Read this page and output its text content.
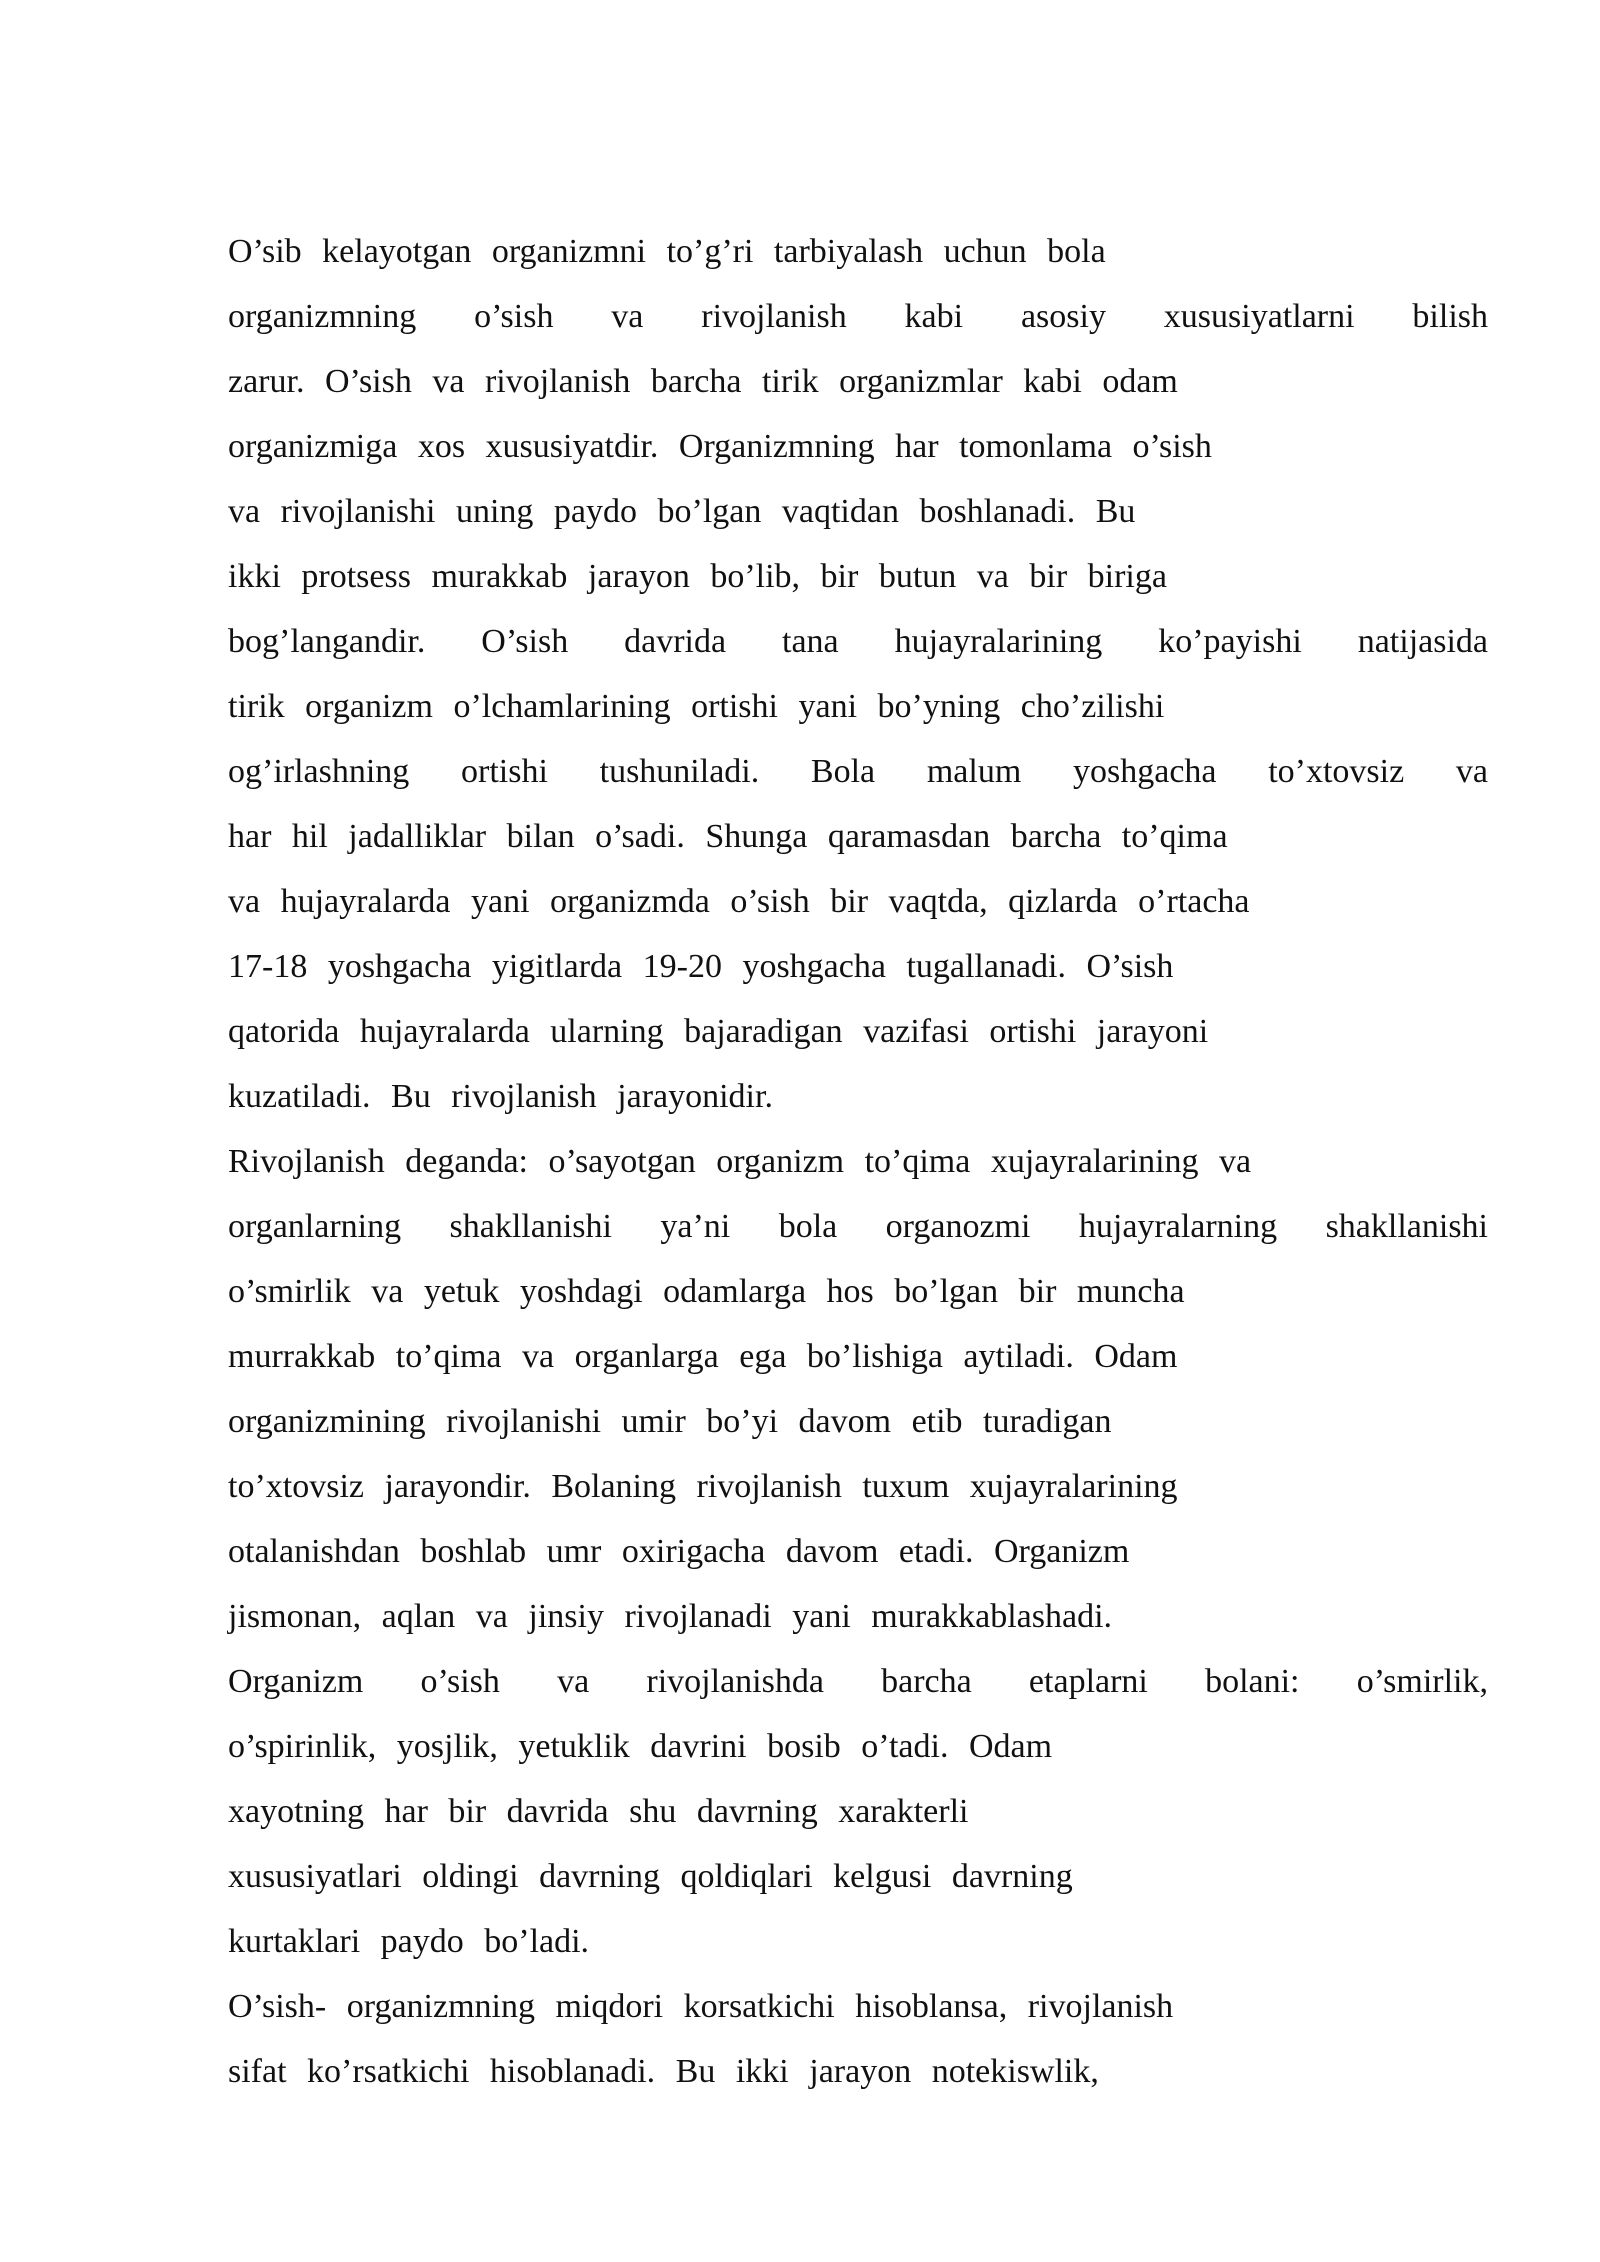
O’sib kelayotgan organizmni to’g’ri tarbiyalash uchun bola
organizmning o’sish va rivojlanish kabi asosiy xususiyatlarni bilish
zarur. O’sish va rivojlanish barcha tirik organizmlar kabi odam
organizmiga xos xususiyatdir. Organizmning har tomonlama o’sish
va rivojlanishi uning paydo bo’lgan vaqtidan boshlanadi. Bu
ikki protsess murakkab jarayon bo’lib, bir butun va bir biriga
bog’langandir. O’sish davrida tana hujayralarining ko’payishi natijasida
tirik organizm o’lchamlarining ortishi yani bo’yning cho’zilishi
og’irlashning ortishi tushuniladi. Bola malum yoshgacha to’xtovsiz va
har hil jadalliklar bilan o’sadi. Shunga qaramasdan barcha to’qima
va hujayralarda yani organizmda o’sish bir vaqtda, qizlarda o’rtacha
17-18 yoshgacha yigitlarda 19-20 yoshgacha tugallanadi. O’sish
qatorida hujayralarda ularning bajaradigan vazifasi ortishi jarayoni
kuzatiladi. Bu rivojlanish jarayonidir.
Rivojlanish deganda: o’sayotgan organizm to’qima xujayralarining va
organlarning shakllanishi ya’ni bola organozmi hujayralarning shakllanishi
o’smirlik va yetuk yoshdagi odamlarga hos bo’lgan bir muncha
murrakkab to’qima va organlarga ega bo’lishiga aytiladi. Odam
organizmining rivojlanishi umir bo’yi davom etib turadigan
to’xtovsiz jarayondir. Bolaning rivojlanish tuxum xujayralarining
otalanishdan boshlab umr oxirigacha davom etadi. Organizm
jismonan, aqlan va jinsiy rivojlanadi yani murakkablashadi.
Organizm o’sish va rivojlanishda barcha etaplarni bolani: o’smirlik,
o’spirinlik, yosjlik, yetuklik davrini bosib o’tadi. Odam
xayotning har bir davrida shu davrning xarakterli
xususiyatlari oldingi davrning qoldiqlari kelgusi davrning
kurtaklari paydo bo’ladi.
O’sish- organizmning miqdori korsatkichi hisoblansa, rivojlanish
sifat ko’rsatkichi hisoblanadi. Bu ikki jarayon notekiswlik,
